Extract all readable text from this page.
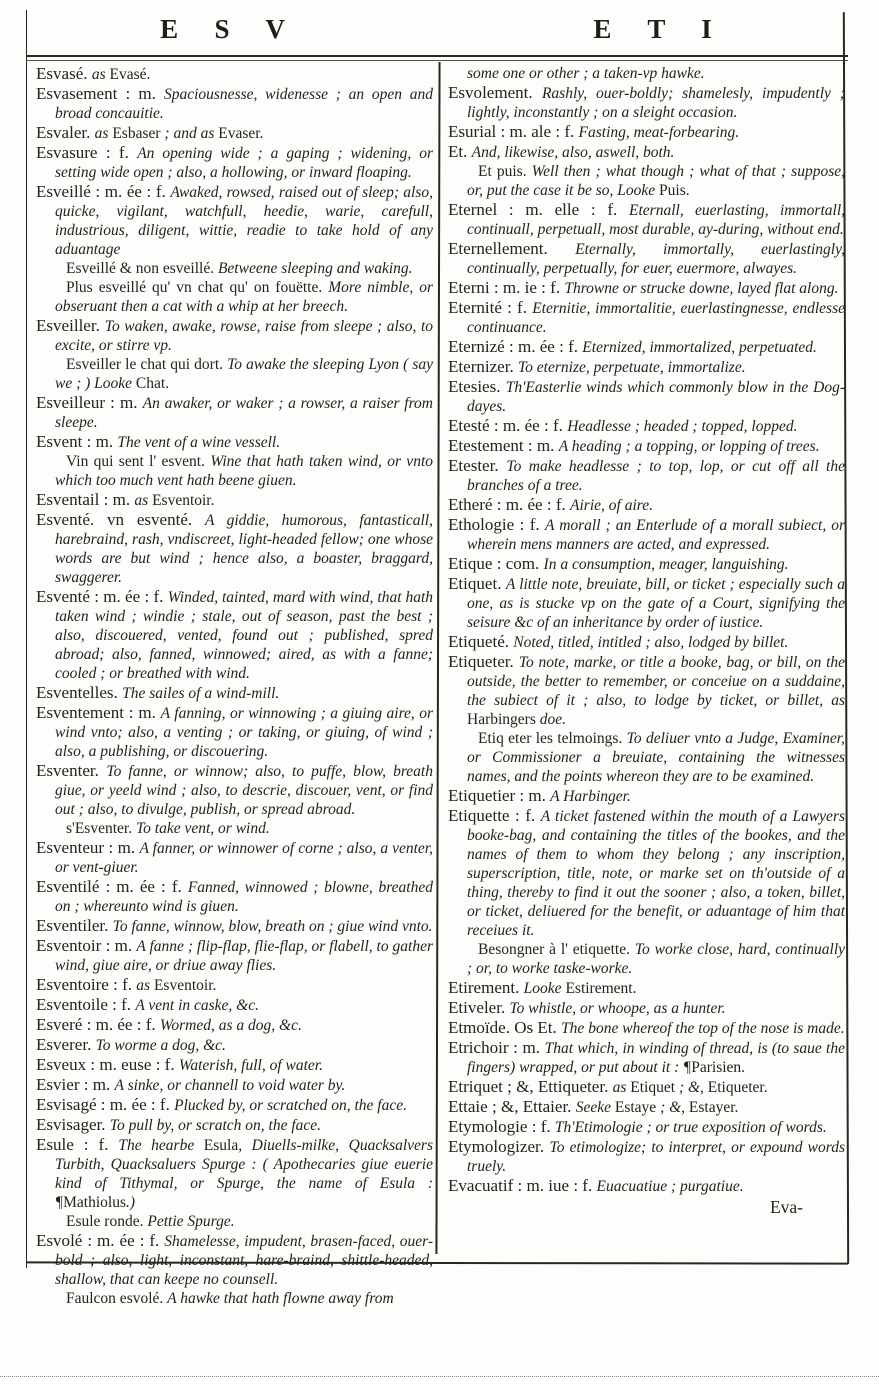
E S V	E T I

Esvasé. as Evasé.

Esvasement : m. Spaciousnesse, widenesse ; an open and broad concauitie.

Esvaler. as Esbaser ; and as Evaser.

Esvasure : f. An opening wide ; a gaping ; widening, or setting wide open ; also, a hollowing, or inward floaping.

Esveillé : m. ée : f. Awaked, rowsed, raised out of sleep; also, quicke, vigilant, watchfull, heedie, warie, carefull, industrious, diligent, wittie, readie to take hold of any aduantage

Esveillé & non esveillé. Betweene sleeping and waking.

Plus esveillé qu' vn chat qu' on fouëtte. More nimble, or obseruant then a cat with a whip at her breech.

Esveiller. To waken, awake, rowse, raise from sleepe ; also, to excite, or stirre vp.

Esveiller le chat qui dort. To awake the sleeping Lyon ( say we ; ) Looke Chat.

Esveilleur : m. An awaker, or waker ; a rowser, a raiser from sleepe.

Esvent : m. The vent of a wine vessell.

Vin qui sent l' esvent. Wine that hath taken wind, or vnto which too much vent hath beene giuen.

Esventail : m. as Esventoir.

Esventé. vn esventé. A giddie, humorous, fantasticall, harebraind, rash, vndiscreet, light-headed fellow; one whose words are but wind ; hence also, a boaster, braggard, swaggerer.

Esventé : m. ée : f. Winded, tainted, mard with wind, that hath taken wind ; windie ; stale, out of season, past the best ; also, discouered, vented, found out ; published, spred abroad; also, fanned, winnowed; aired, as with a fanne; cooled ; or breathed with wind.

Esventelles. The sailes of a wind-mill.

Esventement : m. A fanning, or winnowing ; a giuing aire, or wind vnto; also, a venting ; or taking, or giuing, of wind ; also, a publishing, or discouering.

Esventer. To fanne, or winnow; also, to puffe, blow, breath giue, or yeeld wind ; also, to descrie, discouer, vent, or find out ; also, to divulge, publish, or spread abroad.

s'Esventer. To take vent, or wind.

Esventeur : m. A fanner, or winnower of corne ; also, a venter, or vent-giuer.

Esventilé : m. ée : f. Fanned, winnowed ; blowne, breathed on ; whereunto wind is giuen.

Esventiler. To fanne, winnow, blow, breath on ; giue wind vnto.

Esventoir : m. A fanne ; flip-flap, flie-flap, or flabell, to gather wind, giue aire, or driue away flies.

Esventoire : f. as Esventoir.

Esventoile : f. A vent in caske, &c.

Esveré : m. ée : f. Wormed, as a dog, &c.

Esverer. To worme a dog, &c.

Esveux : m. euse : f. Waterish, full, of water.

Esvier : m. A sinke, or channell to void water by.

Esvisagé : m. ée : f. Plucked by, or scratched on, the face.

Esvisager. To pull by, or scratch on, the face.

Esule : f. The hearbe Esula, Diuells-milke, Quacksalvers Turbith, Quacksaluers Spurge : ( Apothecaries giue euerie kind of Tithymal, or Spurge, the name of Esula : ¶Mathiolus.)

Esule ronde. Pettie Spurge.

Esvolé : m. ée : f. Shamelesse, impudent, brasen-faced, ouer-bold ; also, light, inconstant, hare-braind, shittle-headed, shallow, that can keepe no counsell.

Faulcon esvolé. A hawke that hath flowne away from

some one or other ; a taken-vp hawke.

Esvolement. Rashly, ouer-boldly; shamelesly, impudently ; lightly, inconstantly ; on a sleight occasion.

Esurial : m. ale : f. Fasting, meat-forbearing.

Et. And, likewise, also, aswell, both.

Et puis. Well then ; what though ; what of that ; suppose, or, put the case it be so, Looke Puis.

Eternel : m. elle : f. Eternall, euerlasting, immortall, continuall, perpetuall, most durable, ay-during, without end.

Eternellement. Eternally, immortally, euerlastingly, continually, perpetually, for euer, euermore, alwayes.

Eterni : m. ie : f. Throwne or strucke downe, layed flat along.

Eternité : f. Eternitie, immortalitie, euerlastingnesse, endlesse continuance.

Eternizé : m. ée : f. Eternized, immortalized, perpetuated.

Eternizer. To eternize, perpetuate, immortalize.

Etesies. Th'Easterlie winds which commonly blow in the Dog-dayes.

Etesté : m. ée : f. Headlesse ; headed ; topped, lopped.

Etestement : m. A heading ; a topping, or lopping of trees.

Etester. To make headlesse ; to top, lop, or cut off all the branches of a tree.

Etheré : m. ée : f. Airie, of aire.

Ethologie : f. A morall ; an Enterlude of a morall subiect, or wherein mens manners are acted, and expressed.

Etique : com. In a consumption, meager, languishing.

Etiquet. A little note, breuiate, bill, or ticket ; especially such a one, as is stucke vp on the gate of a Court, signifying the seisure &c of an inheritance by order of iustice.

Etiqueté. Noted, titled, intitled ; also, lodged by billet.

Etiqueter. To note, marke, or title a booke, bag, or bill, on the outside, the better to remember, or conceiue on a suddaine, the subiect of it ; also, to lodge by ticket, or billet, as Harbingers doe.

Etiq eter les telmoings. To deliuer vnto a Judge, Examiner, or Commissioner a breuiate, containing the witnesses names, and the points whereon they are to be examined.

Etiquetier : m. A Harbinger.

Etiquette : f. A ticket fastened within the mouth of a Lawyers booke-bag, and containing the titles of the bookes, and the names of them to whom they belong ; any inscription, superscription, title, note, or marke set on th'outside of a thing, thereby to find it out the sooner ; also, a token, billet, or ticket, deliuered for the benefit, or aduantage of him that receiues it.

Besongner à l' etiquette. To worke close, hard, continually ; or, to worke taske-worke.

Etirement. Looke Estirement.

Etiveler. To whistle, or whoope, as a hunter.

Etmoïde. Os Et. The bone whereof the top of the nose is made.

Etrichoir : m. That which, in winding of thread, is (to saue the fingers) wrapped, or put about it : ¶Parisien.

Etriquet ; &, Ettiqueter. as Etiquet ; &, Etiqueter.

Ettaie ; &, Ettaier. Seeke Estaye ; &, Estayer.

Etymologie : f. Th'Etimologie ; or true exposition of words.

Etymologizer. To etimologize; to interpret, or expound words truely.

Evacuatif : m. iue : f. Euacuatiue ; purgatiue.

Eva-
